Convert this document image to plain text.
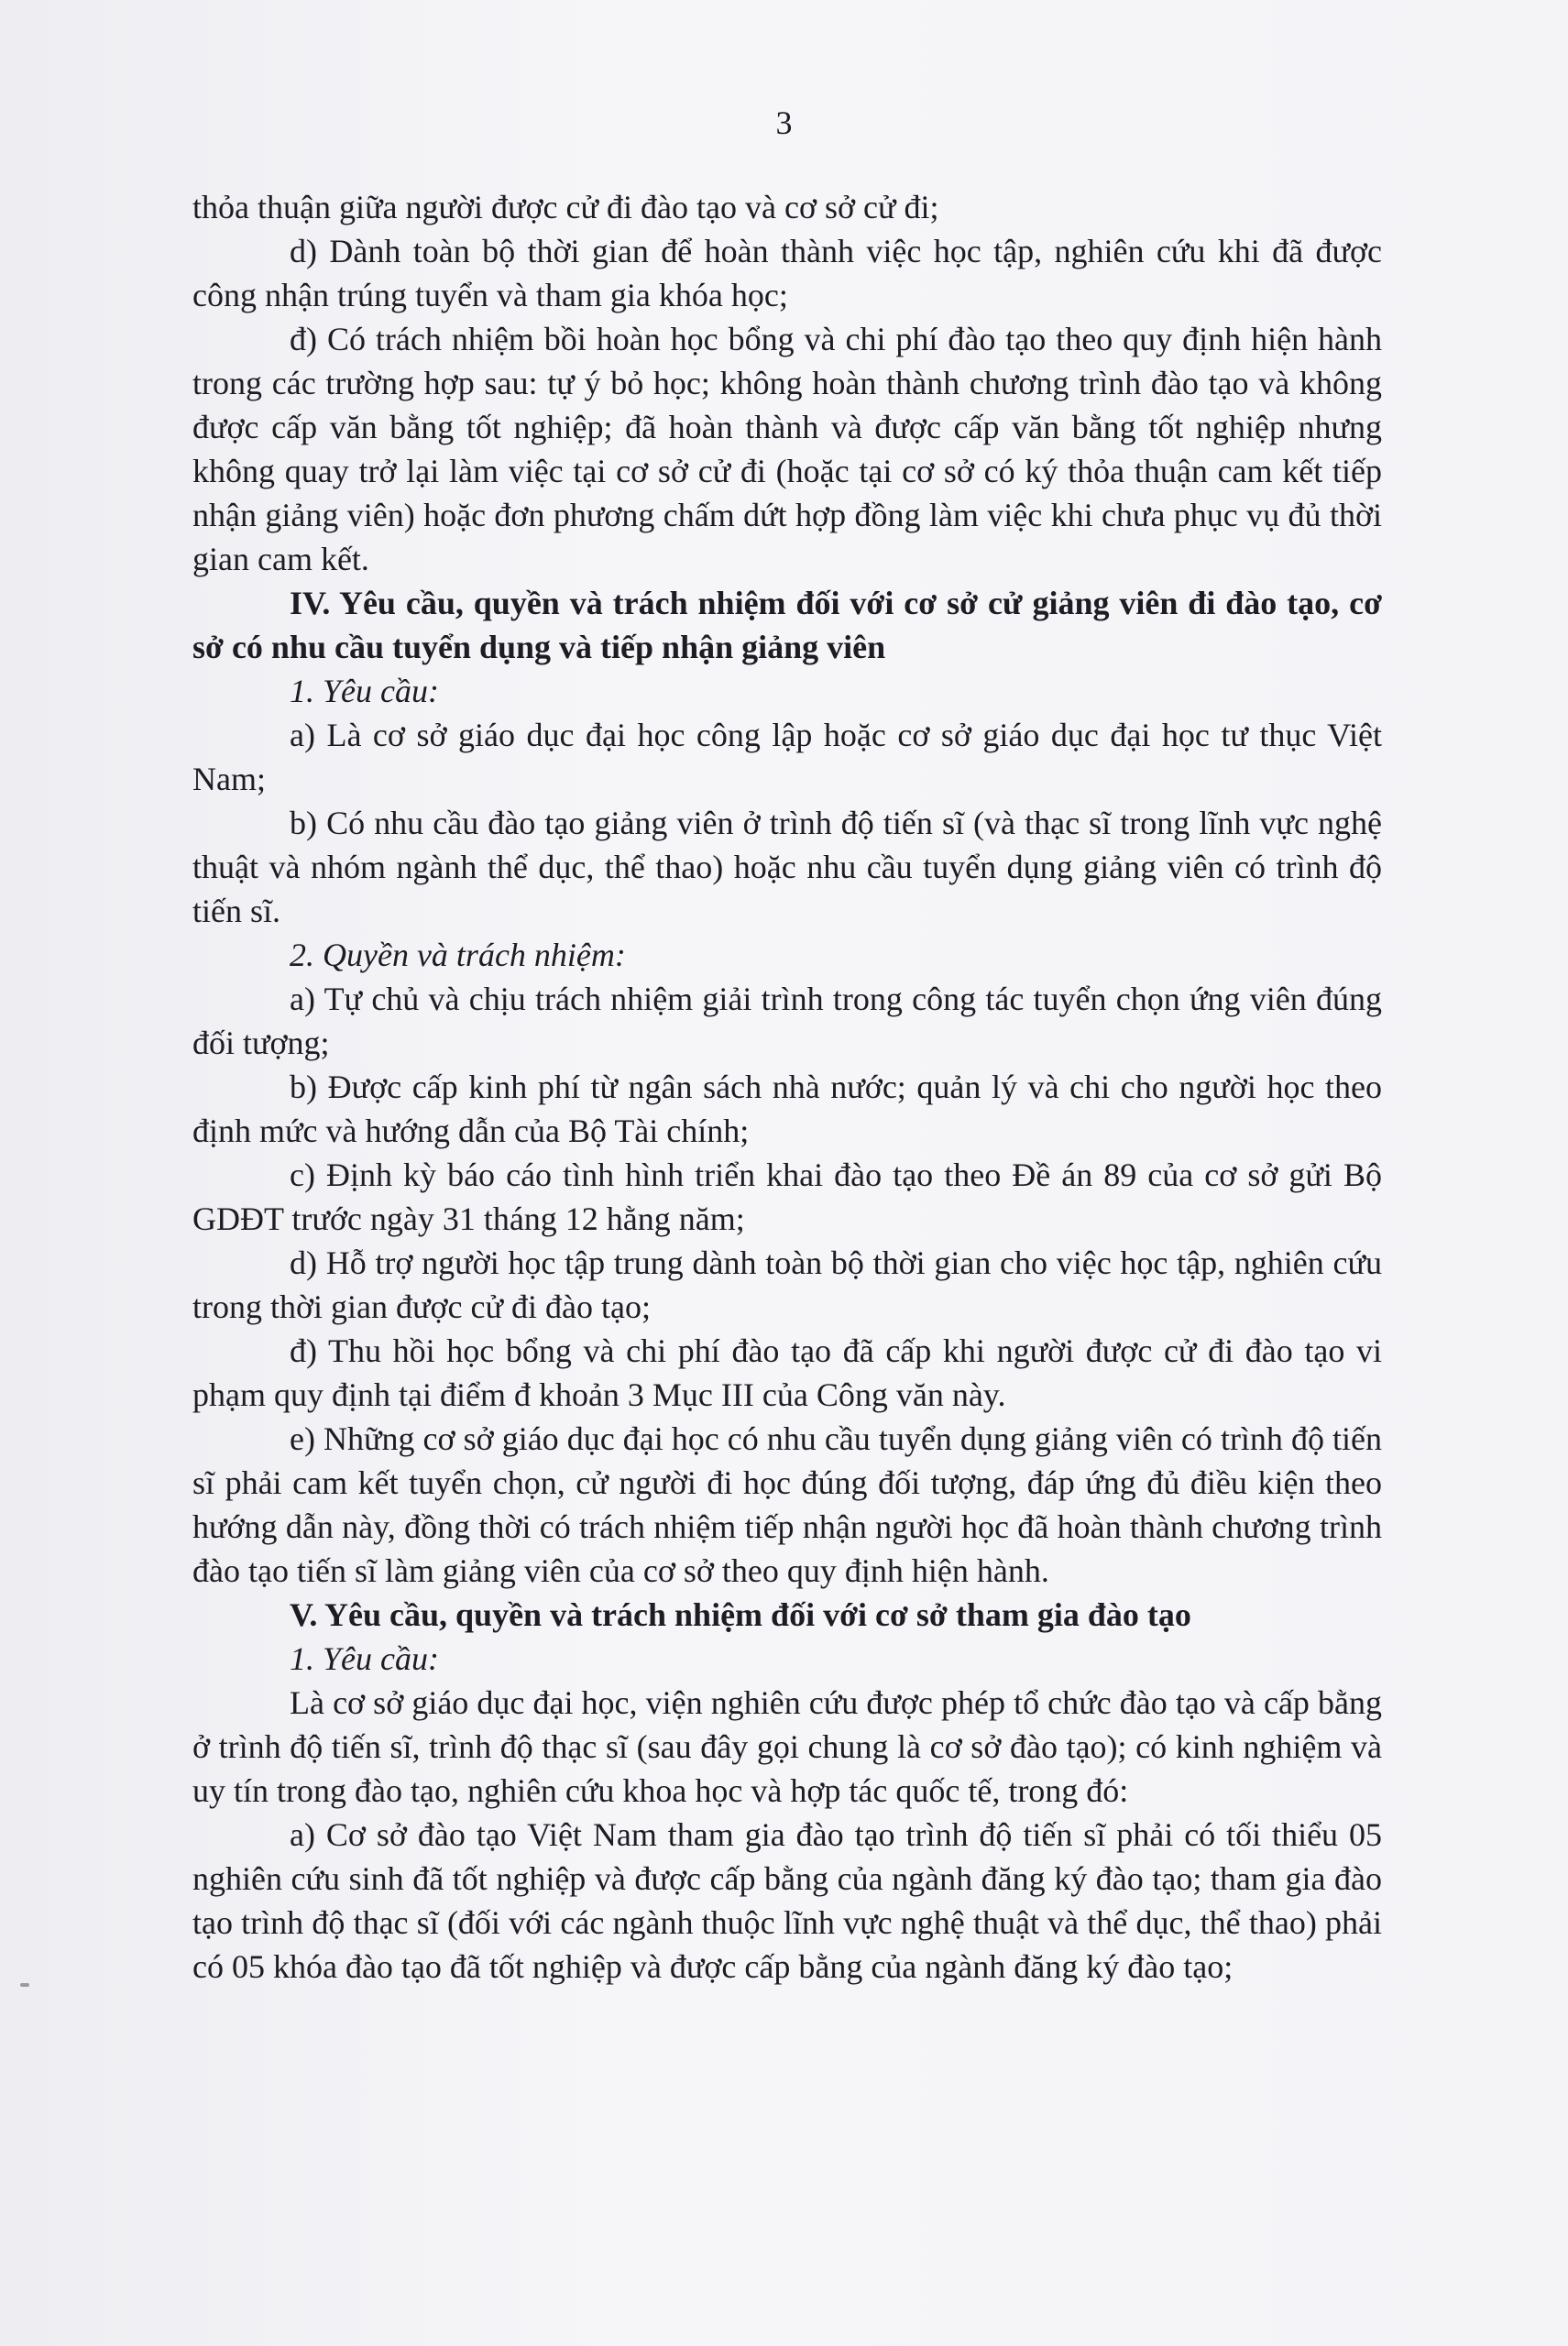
3

thỏa thuận giữa người được cử đi đào tạo và cơ sở cử đi;

d) Dành toàn bộ thời gian để hoàn thành việc học tập, nghiên cứu khi đã được công nhận trúng tuyển và tham gia khóa học;

đ) Có trách nhiệm bồi hoàn học bổng và chi phí đào tạo theo quy định hiện hành trong các trường hợp sau: tự ý bỏ học; không hoàn thành chương trình đào tạo và không được cấp văn bằng tốt nghiệp; đã hoàn thành và được cấp văn bằng tốt nghiệp nhưng không quay trở lại làm việc tại cơ sở cử đi (hoặc tại cơ sở có ký thỏa thuận cam kết tiếp nhận giảng viên) hoặc đơn phương chấm dứt hợp đồng làm việc khi chưa phục vụ đủ thời gian cam kết.

IV. Yêu cầu, quyền và trách nhiệm đối với cơ sở cử giảng viên đi đào tạo, cơ sở có nhu cầu tuyển dụng và tiếp nhận giảng viên

1. Yêu cầu:

a) Là cơ sở giáo dục đại học công lập hoặc cơ sở giáo dục đại học tư thục Việt Nam;

b) Có nhu cầu đào tạo giảng viên ở trình độ tiến sĩ (và thạc sĩ trong lĩnh vực nghệ thuật và nhóm ngành thể dục, thể thao) hoặc nhu cầu tuyển dụng giảng viên có trình độ tiến sĩ.

2. Quyền và trách nhiệm:

a) Tự chủ và chịu trách nhiệm giải trình trong công tác tuyển chọn ứng viên đúng đối tượng;

b) Được cấp kinh phí từ ngân sách nhà nước; quản lý và chi cho người học theo định mức và hướng dẫn của Bộ Tài chính;

c) Định kỳ báo cáo tình hình triển khai đào tạo theo Đề án 89 của cơ sở gửi Bộ GDĐT trước ngày 31 tháng 12 hằng năm;

d) Hỗ trợ người học tập trung dành toàn bộ thời gian cho việc học tập, nghiên cứu trong thời gian được cử đi đào tạo;

đ) Thu hồi học bổng và chi phí đào tạo đã cấp khi người được cử đi đào tạo vi phạm quy định tại điểm đ khoản 3 Mục III của Công văn này.

e) Những cơ sở giáo dục đại học có nhu cầu tuyển dụng giảng viên có trình độ tiến sĩ phải cam kết tuyển chọn, cử người đi học đúng đối tượng, đáp ứng đủ điều kiện theo hướng dẫn này, đồng thời có trách nhiệm tiếp nhận người học đã hoàn thành chương trình đào tạo tiến sĩ làm giảng viên của cơ sở theo quy định hiện hành.

V. Yêu cầu, quyền và trách nhiệm đối với cơ sở tham gia đào tạo

1. Yêu cầu:

Là cơ sở giáo dục đại học, viện nghiên cứu được phép tổ chức đào tạo và cấp bằng ở trình độ tiến sĩ, trình độ thạc sĩ (sau đây gọi chung là cơ sở đào tạo); có kinh nghiệm và uy tín trong đào tạo, nghiên cứu khoa học và hợp tác quốc tế, trong đó:

a) Cơ sở đào tạo Việt Nam tham gia đào tạo trình độ tiến sĩ phải có tối thiểu 05 nghiên cứu sinh đã tốt nghiệp và được cấp bằng của ngành đăng ký đào tạo; tham gia đào tạo trình độ thạc sĩ (đối với các ngành thuộc lĩnh vực nghệ thuật và thể dục, thể thao) phải có 05 khóa đào tạo đã tốt nghiệp và được cấp bằng của ngành đăng ký đào tạo;
